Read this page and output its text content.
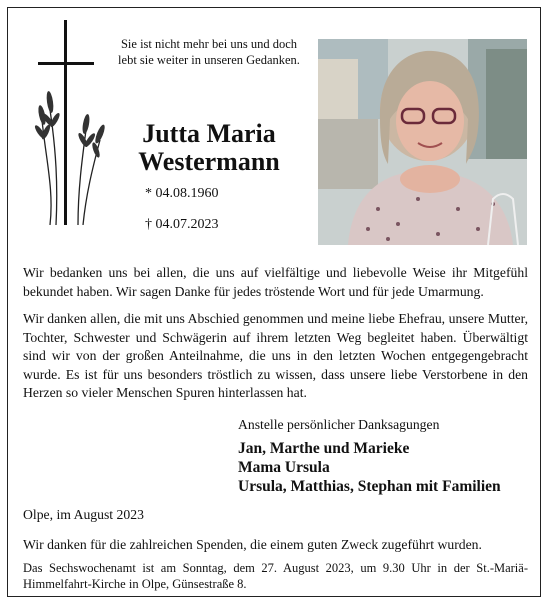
Sie ist nicht mehr bei uns und doch
lebt sie weiter in unseren Gedanken.
Jutta Maria
Westermann
* 04.08.1960
† 04.07.2023
Wir bedanken uns bei allen, die uns auf vielfältige und liebevolle Weise ihr Mitgefühl bekundet haben. Wir sagen Danke für jedes tröstende Wort und für jede Umarmung.
Wir danken allen, die mit uns Abschied genommen und meine liebe Ehefrau, unsere Mutter, Tochter, Schwester und Schwägerin auf ihrem letzten Weg begleitet haben. Überwältigt sind wir von der großen Anteilnahme, die uns in den letzten Wochen entgegengebracht wurde. Es ist für uns besonders tröstlich zu wissen, dass unsere liebe Verstorbene in den Herzen so vieler Menschen Spuren hinterlassen hat.
Anstelle persönlicher Danksagungen
Jan, Marthe und Marieke
Mama Ursula
Ursula, Matthias, Stephan mit Familien
Olpe, im August 2023
Wir danken für die zahlreichen Spenden, die einem guten Zweck zugeführt wurden.
Das Sechswochenamt ist am Sonntag, dem 27. August 2023, um 9.30 Uhr in der St.-Mariä-Himmelfahrt-Kirche in Olpe, Günsestraße 8.
